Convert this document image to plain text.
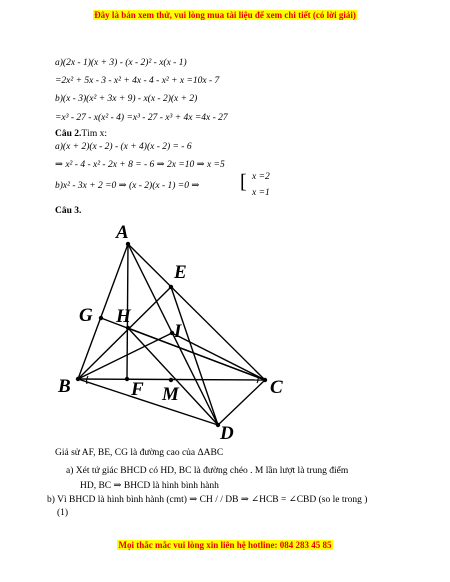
Đây là bản xem thử, vui lòng mua tài liệu để xem chi tiết (có lời giải)
a)(2x - 1)(x + 3) - (x - 2)² - x(x - 1)
=2x² + 5x - 3 - x² + 4x - 4 - x² + x =10x - 7
b)(x - 3)(x² + 3x + 9) - x(x - 2)(x + 2)
=x³ - 27 - x(x² - 4) =x³ - 27 - x³ + 4x =4x - 27
Câu 2.Tìm x:
a)(x + 2)(x - 2) - (x + 4)(x - 2) = - 6
⇒ x² - 4 - x² - 2x + 8 = - 6 ⇒ 2x =10 ⇒ x =5
b)x² - 3x + 2 =0 ⇒ (x - 2)(x - 1) =0 ⇒ [ x =2
x =1
Câu 3.
A
E
G H
I
B	F M	C
D
Giả sử AF, BE, CG là đường cao của ΔABC
a) Xét tứ giác BHCD có HD, BC là đường chéo . M lần lượt là trung điểm
HD, BC ⇒ BHCD là hình bình hành
b) Vì BHCD là hình bình hành (cmt) ⇒ CH / / DB ⇒ ∠HCB = ∠CBD (so le trong )
(1)
Mọi thắc mắc vui lòng xin liên hệ hotline: 084 283 45 85
